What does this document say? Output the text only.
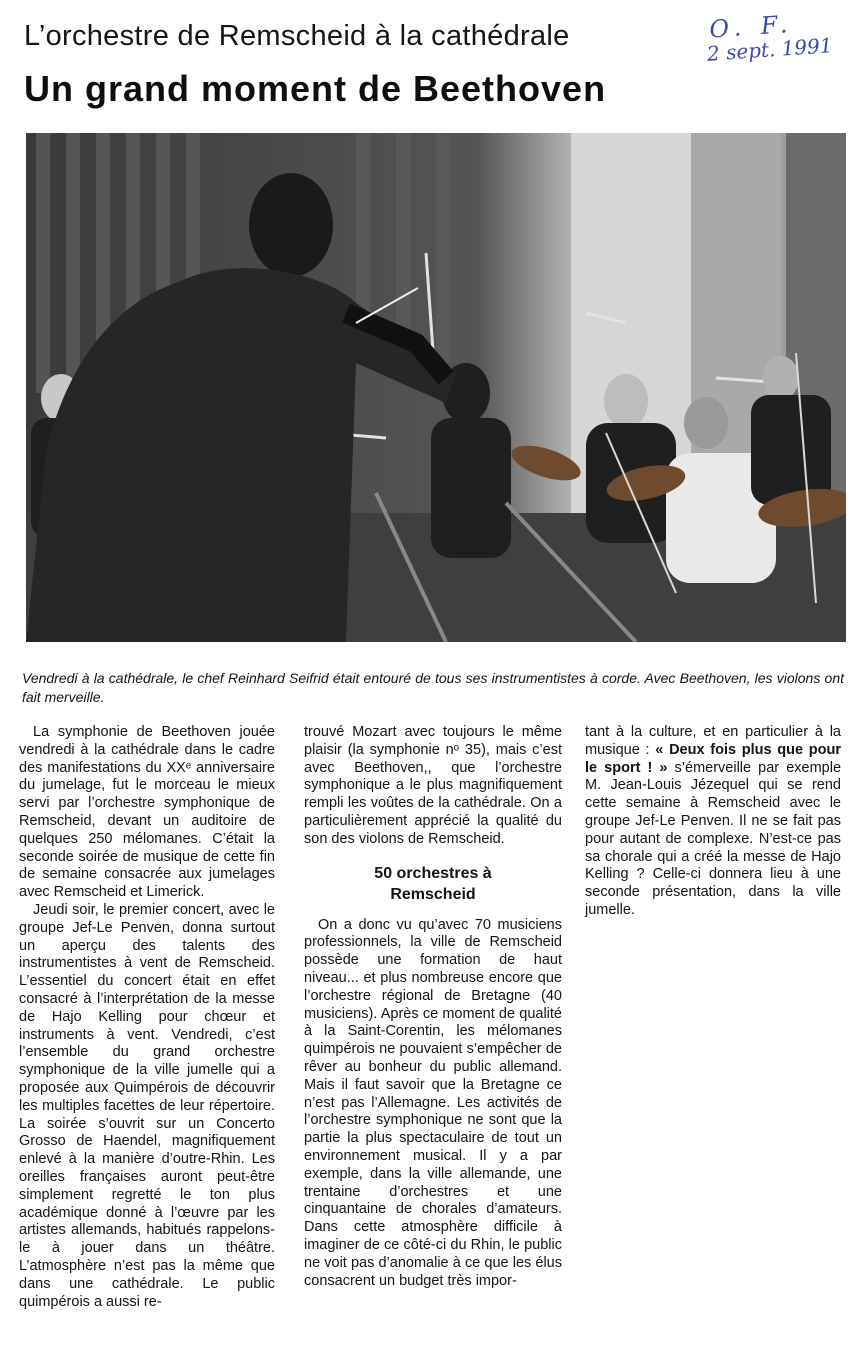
L’orchestre de Remscheid à la cathédrale
Un grand moment de Beethoven
O. F.
2 sept. 1991
Vendredi à la cathédrale, le chef Reinhard Seifrid était entouré de tous ses instrumentistes à corde. Avec Beethoven, les violons ont fait merveille.

La symphonie de Beethoven jouée vendredi à la cathédrale dans le cadre des manifestations du XXᵉ anniversaire du jumelage, fut le morceau le mieux servi par l’orchestre symphonique de Remscheid, devant un auditoire de quelques 250 mélomanes. C’était la seconde soirée de musique de cette fin de semaine consacrée aux jumelages avec Remscheid et Limerick.

Jeudi soir, le premier concert, avec le groupe Jef-Le Penven, donna surtout un aperçu des talents des instrumentistes à vent de Remscheid. L’essentiel du concert était en effet consacré à l’interprétation de la messe de Hajo Kelling pour chœur et instruments à vent. Vendredi, c’est l’ensemble du grand orchestre symphonique de la ville jumelle qui a proposée aux Quimpérois de découvrir les multiples facettes de leur répertoire. La soirée s’ouvrit sur un Concerto Grosso de Haendel, magnifiquement enlevé à la manière d’outre-Rhin. Les oreilles françaises auront peut-être simplement regretté le ton plus académique donné à l’œuvre par les artistes allemands, habitués rappelons-le à jouer dans un théâtre. L’atmosphère n’est pas la même que dans une cathédrale. Le public quimpérois a aussi re-

trouvé Mozart avec toujours le même plaisir (la symphonie nᵒ 35), mais c’est avec Beethoven,, que l’orchestre symphonique a le plus magnifiquement rempli les voûtes de la cathédrale. On a particulièrement apprécié la qualité du son des violons de Remscheid.

50 orchestres à
Remscheid

On a donc vu qu’avec 70 musiciens professionnels, la ville de Remscheid possède une formation de haut niveau... et plus nombreuse encore que l’orchestre régional de Bretagne (40 musiciens). Après ce moment de qualité à la Saint-Corentin, les mélomanes quimpérois ne pouvaient s’empêcher de rêver au bonheur du public allemand. Mais il faut savoir que la Bretagne ce n’est pas l’Allemagne. Les activités de l’orchestre symphonique ne sont que la partie la plus spectaculaire de tout un environnement musical. Il y a par exemple, dans la ville allemande, une trentaine d’orchestres et une cinquantaine de chorales d’amateurs. Dans cette atmosphère difficile à imaginer de ce côté-ci du Rhin, le public ne voit pas d’anomalie à ce que les élus consacrent un budget très impor-

tant à la culture, et en particulier à la musique : « Deux fois plus que pour le sport ! » s’émerveille par exemple M. Jean-Louis Jézequel qui se rend cette semaine à Remscheid avec le groupe Jef-Le Penven. Il ne se fait pas pour autant de complexe. N’est-ce pas sa chorale qui a créé la messe de Hajo Kelling ? Celle-ci donnera lieu à une seconde présentation, dans la ville jumelle.
